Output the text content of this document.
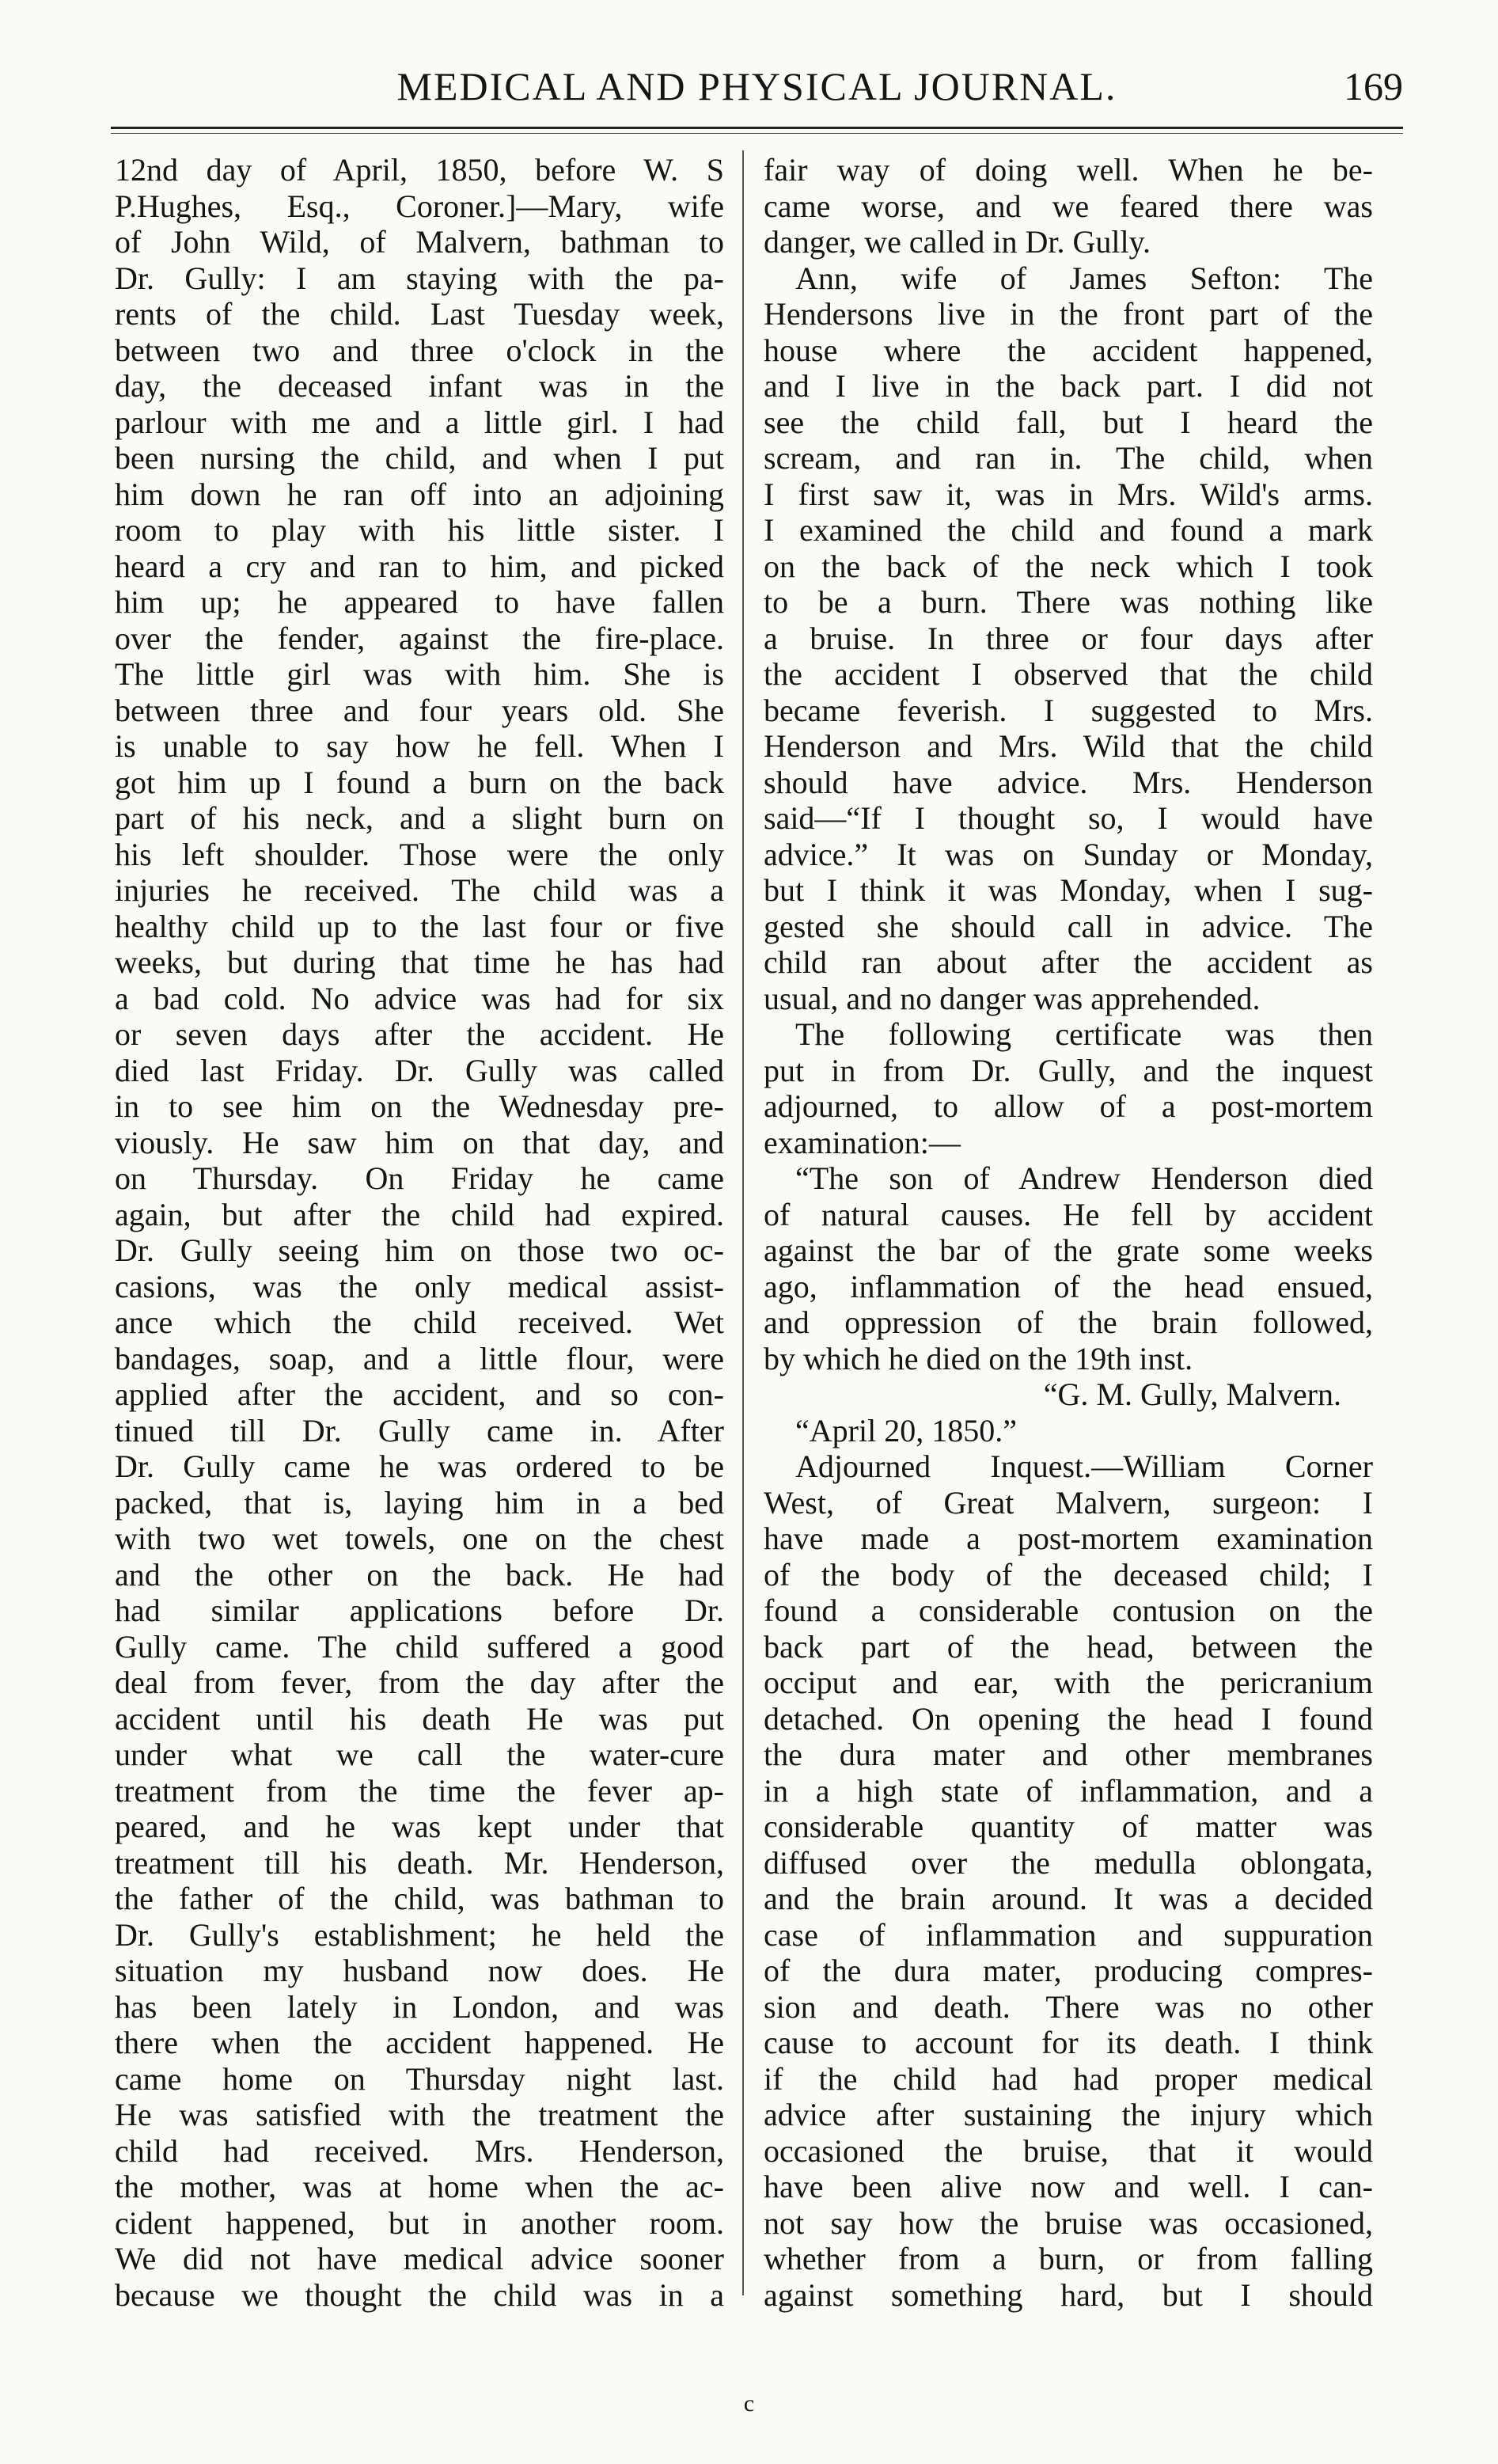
MEDICAL AND PHYSICAL JOURNAL.	169
12nd day of April, 1850, before W. S
P.Hughes, Esq., Coroner.]—Mary, wife
of John Wild, of Malvern, bathman to
Dr. Gully: I am staying with the pa-
rents of the child. Last Tuesday week,
between two and three o'clock in the
day, the deceased infant was in the
parlour with me and a little girl. I had
been nursing the child, and when I put
him down he ran off into an adjoining
room to play with his little sister. I
heard a cry and ran to him, and picked
him up; he appeared to have fallen
over the fender, against the fire-place.
The little girl was with him. She is
between three and four years old. She
is unable to say how he fell. When I
got him up I found a burn on the back
part of his neck, and a slight burn on
his left shoulder. Those were the only
injuries he received. The child was a
healthy child up to the last four or five
weeks, but during that time he has had
a bad cold. No advice was had for six
or seven days after the accident. He
died last Friday. Dr. Gully was called
in to see him on the Wednesday pre-
viously. He saw him on that day, and
on Thursday. On Friday he came
again, but after the child had expired.
Dr. Gully seeing him on those two oc-
casions, was the only medical assist-
ance which the child received. Wet
bandages, soap, and a little flour, were
applied after the accident, and so con-
tinued till Dr. Gully came in. After
Dr. Gully came he was ordered to be
packed, that is, laying him in a bed
with two wet towels, one on the chest
and the other on the back. He had
had similar applications before Dr.
Gully came. The child suffered a good
deal from fever, from the day after the
accident until his death He was put
under what we call the water-cure
treatment from the time the fever ap-
peared, and he was kept under that
treatment till his death. Mr. Henderson,
the father of the child, was bathman to
Dr. Gully's establishment; he held the
situation my husband now does. He
has been lately in London, and was
there when the accident happened. He
came home on Thursday night last.
He was satisfied with the treatment the
child had received. Mrs. Henderson,
the mother, was at home when the ac-
cident happened, but in another room.
We did not have medical advice sooner
because we thought the child was in a
fair way of doing well. When he be-
came worse, and we feared there was
danger, we called in Dr. Gully.
Ann, wife of James Sefton: The
Hendersons live in the front part of the
house where the accident happened,
and I live in the back part. I did not
see the child fall, but I heard the
scream, and ran in. The child, when
I first saw it, was in Mrs. Wild's arms.
I examined the child and found a mark
on the back of the neck which I took
to be a burn. There was nothing like
a bruise. In three or four days after
the accident I observed that the child
became feverish. I suggested to Mrs.
Henderson and Mrs. Wild that the child
should have advice. Mrs. Henderson
said—“If I thought so, I would have
advice.” It was on Sunday or Monday,
but I think it was Monday, when I sug-
gested she should call in advice. The
child ran about after the accident as
usual, and no danger was apprehended.
The following certificate was then
put in from Dr. Gully, and the inquest
adjourned, to allow of a post-mortem
examination:—
“The son of Andrew Henderson died
of natural causes. He fell by accident
against the bar of the grate some weeks
ago, inflammation of the head ensued,
and oppression of the brain followed,
by which he died on the 19th inst.
“G. M. Gully, Malvern.
“April 20, 1850.”
Adjourned Inquest.—William Corner
West, of Great Malvern, surgeon: I
have made a post-mortem examination
of the body of the deceased child; I
found a considerable contusion on the
back part of the head, between the
occiput and ear, with the pericranium
detached. On opening the head I found
the dura mater and other membranes
in a high state of inflammation, and a
considerable quantity of matter was
diffused over the medulla oblongata,
and the brain around. It was a decided
case of inflammation and suppuration
of the dura mater, producing compres-
sion and death. There was no other
cause to account for its death. I think
if the child had had proper medical
advice after sustaining the injury which
occasioned the bruise, that it would
have been alive now and well. I can-
not say how the bruise was occasioned,
whether from a burn, or from falling
against something hard, but I should
c
